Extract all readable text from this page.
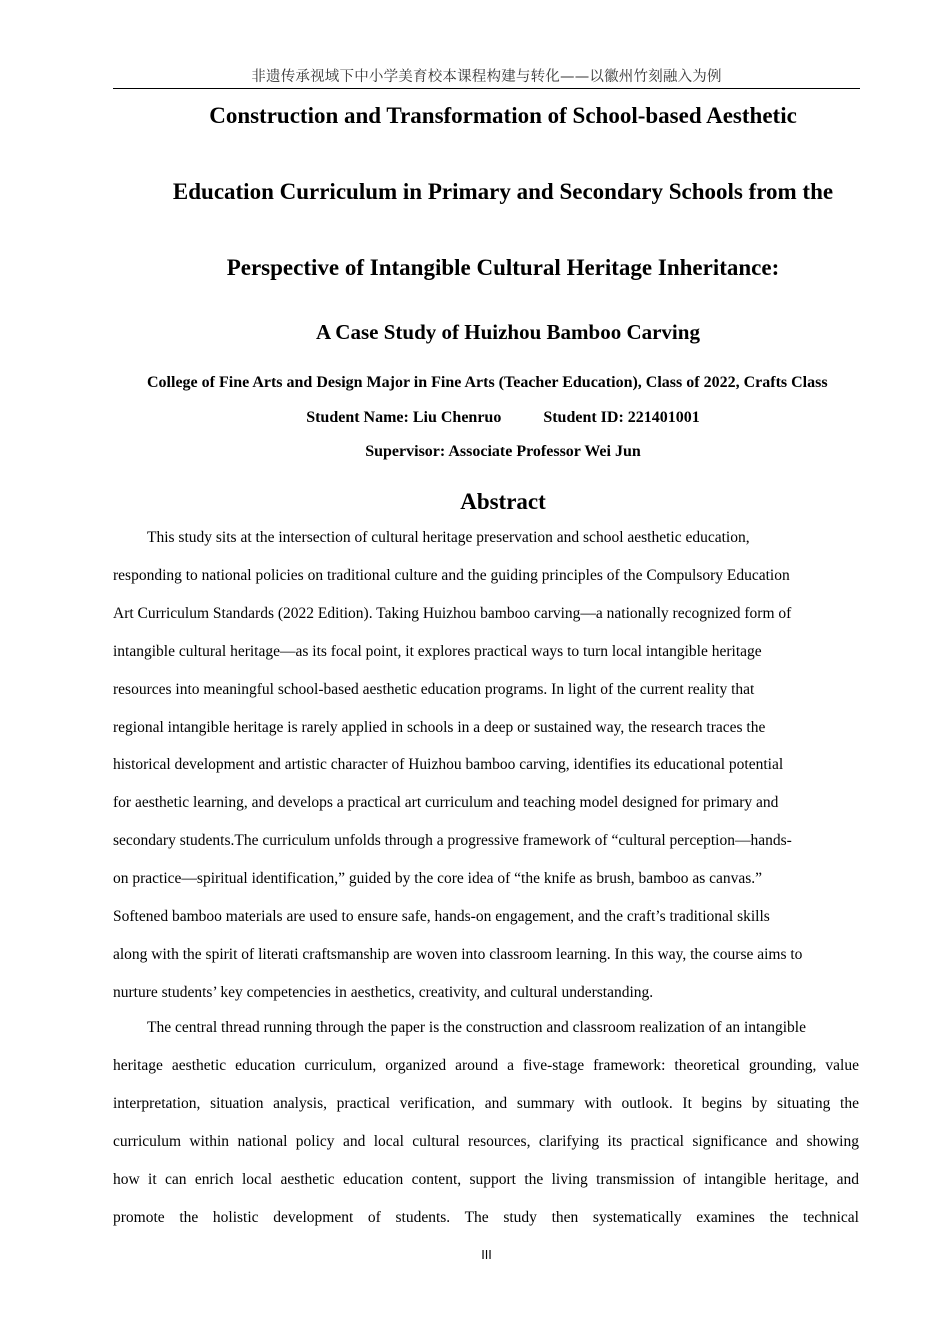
非遗传承视域下中小学美育校本课程构建与转化——以徽州竹刻融入为例
Construction and Transformation of School-based Aesthetic
Education Curriculum in Primary and Secondary Schools from the
Perspective of Intangible Cultural Heritage Inheritance:
A Case Study of Huizhou Bamboo Carving
College of Fine Arts and Design Major in Fine Arts (Teacher Education), Class of 2022, Crafts Class
Student Name: Liu Chenruo	Student ID: 221401001
Supervisor: Associate Professor Wei Jun
Abstract
This study sits at the intersection of cultural heritage preservation and school aesthetic education,
responding to national policies on traditional culture and the guiding principles of the Compulsory Education
Art Curriculum Standards (2022 Edition). Taking Huizhou bamboo carving—a nationally recognized form of
intangible cultural heritage—as its focal point, it explores practical ways to turn local intangible heritage
resources into meaningful school-based aesthetic education programs. In light of the current reality that
regional intangible heritage is rarely applied in schools in a deep or sustained way, the research traces the
historical development and artistic character of Huizhou bamboo carving, identifies its educational potential
for aesthetic learning, and develops a practical art curriculum and teaching model designed for primary and
secondary students.The curriculum unfolds through a progressive framework of “cultural perception—hands-
on practice—spiritual identification,” guided by the core idea of “the knife as brush, bamboo as canvas.”
Softened bamboo materials are used to ensure safe, hands-on engagement, and the craft’s traditional skills
along with the spirit of literati craftsmanship are woven into classroom learning. In this way, the course aims to
nurture students’ key competencies in aesthetics, creativity, and cultural understanding.
The central thread running through the paper is the construction and classroom realization of an intangible
heritage aesthetic education curriculum, organized around a five-stage framework: theoretical grounding, value
interpretation, situation analysis, practical verification, and summary with outlook. It begins by situating the
curriculum within national policy and local cultural resources, clarifying its practical significance and showing
how it can enrich local aesthetic education content, support the living transmission of intangible heritage, and
promote the holistic development of students. The study then systematically examines the technical
III
